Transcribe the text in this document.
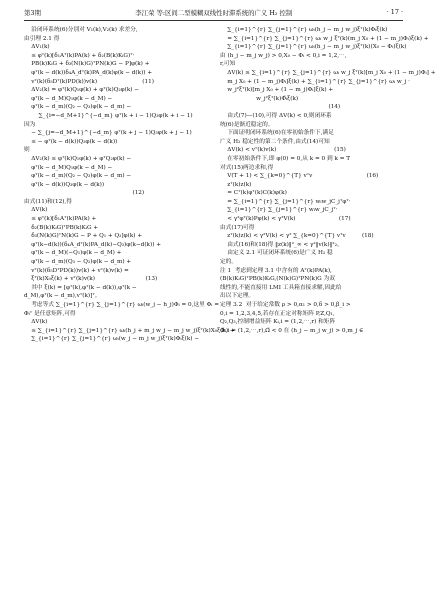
第3期	李江荣 等:区间二型模糊双线性时滞系统的广义 H₂ 控制	· 17 ·
沿闭环系统(6)分别对 V₁(k),V₂(k) 求差分,
由引理 2.1 得
ΔV₁(k)
≤ φᵀ(k)[δ₁Aᵀ(k)PA(k) + δ₂(B(k)KᵢG)ᵀ·
PB(k)KᵢG + δ₃(N(k)G)ᵀPN(k)G − P]φ(k) +
φᵀ(k − d(k))δ₄A_dᵀ(k)PA_d(k)φ(k − d(k)) +
vᵀ(k)(δ₅Dᵀ(k)PD(k))v(k)                         (11)
ΔV₂(k) = φᵀ(k)Q₁φ(k) + φᵀ(k)Q₂φ(k) −
φᵀ(k − d_M)Q₁φ(k − d_M) −
φᵀ(k − d_m)(Q₂ − Q₃)φ(k − d_m) −
∑_{i=−d_M+1}^{−d_m} φᵀ(k + i − 1)Q₃φ(k + i − 1)
因为
− ∑_{j=−d_M+1}^{−d_m} φᵀ(k + j − 1)Q₃φ(k + j − 1)
≤ − φᵀ(k − d(k))Q₃φ(k − d(k))
则
ΔV₂(k) ≤ φᵀ(k)Q₁φ(k) + φᵀQ₂φ(k) −
φᵀ(k − d_M)Q₁φ(k − d_M) −
φᵀ(k − d_m)(Q₂ − Q₃)φ(k − d_m) −
φᵀ(k − d(k))Q₃φ(k − d(k))
(12)
由式(11)和(12),得
ΔV(k)
≤ φᵀ(k)[δ₁Aᵀ(k)PA(k) +
δ₂(B(k)KᵢG)ᵀPB(k)KᵢG +
δ₃(N(k)G)ᵀN(k)G − P + Q₁ + Q₂]φ(k) +
φᵀ(k−d(k))(δ₄A_dᵀ(k)PA_d(k)−Q₃)φ(k−d(k)) +
φᵀ(k − d_M)(−Q₁)φ(k − d_M) +
φᵀ(k − d_m)(Q₃ − Q₂)φ(k − d_m) +
vᵀ(k)(δ₅DᵀPD(k))v(k) + vᵀ(k)v(k) =
ξᵀ(k)X₀ξ(k) + vᵀ(k)v(k)                            (13)
其中 ξ(k) = [φᵀ(k),φᵀ(k − d(k)),φᵀ(k −
d_M),φᵀ(k − d_m),vᵀ(k)]ᵀ。
考虑等式 ∑_{i=1}^{r} ∑_{j=1}^{r} ωᵢ(w_j − h_j)Φᵢ = 0,这里 Φᵢ =
Φᵢᵀ 是任意矩阵,可得
ΔV(k)
≤ ∑_{i=1}^{r} ∑_{j=1}^{r} ωᵢ(h_j + m_j w_j − m_j w_j)ξᵀ(k)X₀ξ(k) +
∑_{i=1}^{r} ∑_{j=1}^{r} ωᵢ(w_j − m_j w_j)ξᵀ(k)Φᵢξ(k) −
∑_{i=1}^{r} ∑_{j=1}^{r} ωᵢ(h_j − m_j w_j)ξᵀ(k)Φᵢξ(k)
= ∑_{i=1}^{r} ∑_{j=1}^{r} ωᵢ w_j ξᵀ(k)(m_j X₀ + (1 − m_j)Φᵢ)ξ(k) +
∑_{i=1}^{r} ∑_{j=1}^{r} ωᵢ(h_j − m_j w_j)ξᵀ(k)(X₀ − Φᵢ)ξ(k)
由 (h_j − m_j w_j) > 0,X₀ − Φᵢ < 0,i = 1,2,⋯,
r,可知
ΔV(k) ≤ ∑_{i=1}^{r} ∑_{j=1}^{r} ωᵢ w_j ξᵀ(k)[m_j X₀ + (1 − m_j)Φᵢ] +
m_j X₀ + (1 − m_j)Φᵢ]ξ(k) + ∑_{i=1}^{r} ∑_{j=1}^{r} ωᵢ w_j ·
w_j²ξᵀ(k)[m_j X₀ + (1 − m_j)Φᵢ]ξ(k) +
w_j²ξᵀ(k)Φ̃ᵢξ(k)
(14)
由式(7)—(10),可得 ΔV(k) < 0,则闭环系
统(6)是渐近稳定的。
下面证明闭环系统(6)在零初始条件下,满足
广义 H₂ 稳定性的第二个条件,由式(14)可知
ΔV(k) < vᵀ(k)v(k)                                (15)
在零初始条件下,即 φ(0) = 0,从 k = 0 到 k = T
对式(15)两边求和,得
V(T + 1) < ∑_{k=0}^{T} vᵀv                              (16)
zᵀ(k)z(k)
= Cᵀ(k)φᵀ(k)C(k)φ(k)
= ∑_{i=1}^{r} ∑_{j=1}^{r} wᵢw_jC_jᵀφᵀ·
∑_{i=1}^{r} ∑_{j=1}^{r} wᵢw_jC_jᵀ·
< γ²φᵀ(k)Pφ(k) < γ²V(k)                        (17)
由式(17)可得
zᵀ(k)z(k) < γ²V(k) < γ² ∑_{k=0}^{T} vᵀv         (18)
由式(16)和(18)得 ‖z(k)‖²_∞ < γ²‖v(k)‖²₂。
由定义 2.1 可证闭环系统(6)是广义 H₂ 稳
定的。
注 1  考虑到定理 3.1 中含有的 Aᵀ(k)PA(k),
(B(k)KᵢG)ᵀPB(k)KᵢG,(N(k)G)ᵀPN(k)G 为双
线性的,不能直接用 LMI 工具箱直接求解,因此给
出以下定理。
定理 3.2  对于给定常数 ρ > 0,α₁ > 0,δ > 0,β_i >
0,i = 1,2,3,4,5,若存在正定对称矩阵 P,Z,Q₁,
Q₂,Q₃,控制增益矩阵 Kᵢ,i = (1,2,⋯,r) 和矩阵
Φ̃ᵢ,i = (1,2,⋯,r),Ω̃ < 0 在 (h_j − m_j w_j) > 0,m_j ∈
